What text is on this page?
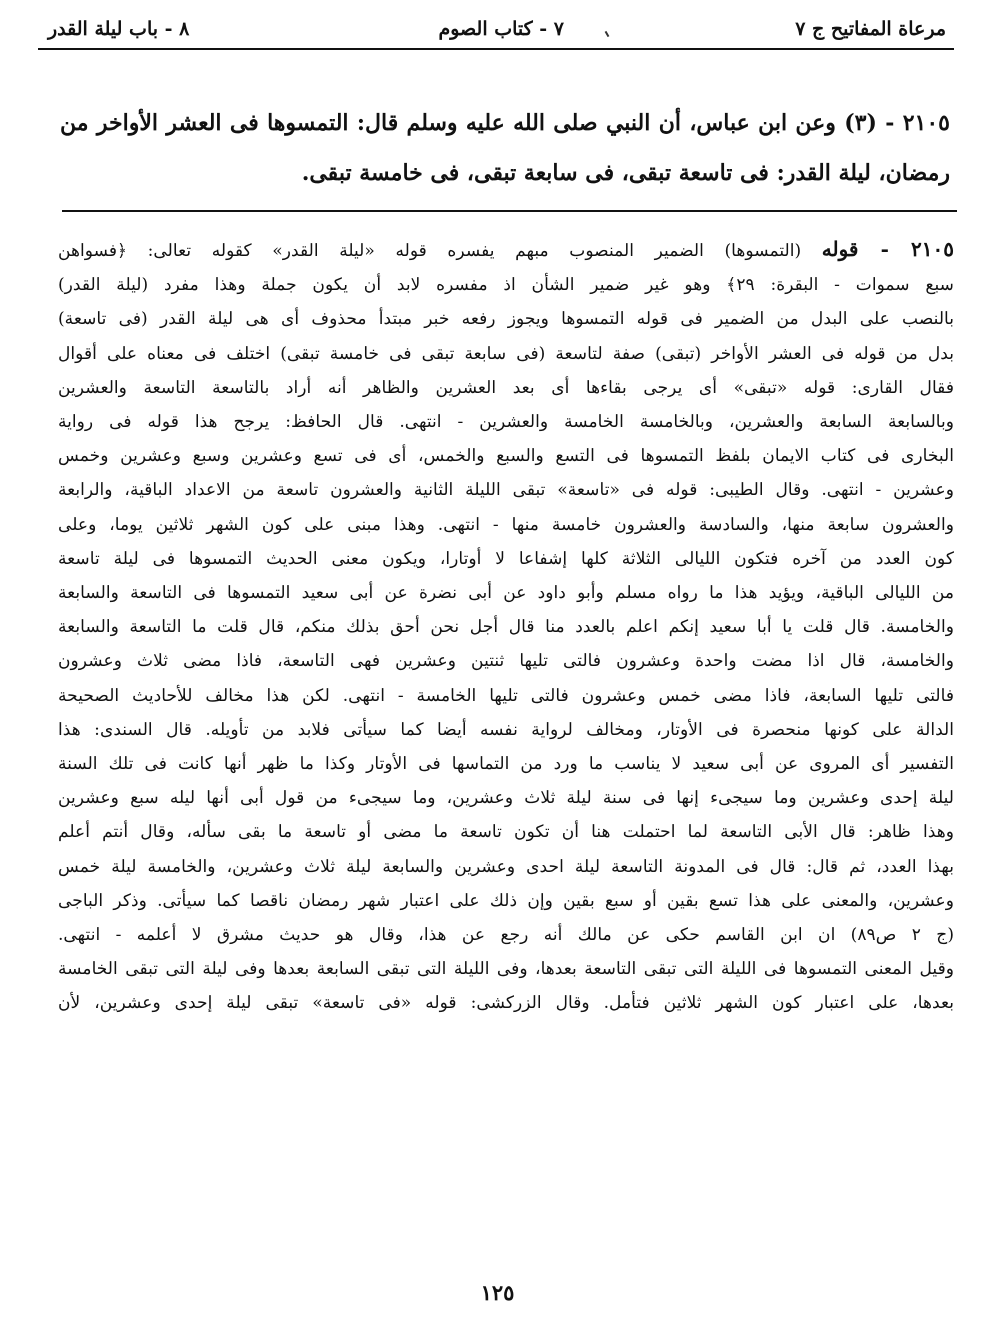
مرعاة المفاتيح ج ٧
٧ - كتاب الصوم
٨ - باب ليلة القدر
٢١٠٥ - (٣) وعن ابن عباس، أن النبي صلى الله عليه وسلم قال: التمسوها فى العشر الأواخر من رمضان، ليلة القدر: فى تاسعة تبقى، فى سابعة تبقى، فى خامسة تبقى.
٢١٠٥ - قوله (التمسوها) الضمير المنصوب مبهم يفسره قوله «ليلة القدر» كقوله تعالى: ﴿فسواهن
سبع سموات - البقرة: ٢٩﴾ وهو غير ضمير الشأن اذ مفسره لابد أن يكون جملة وهذا مفرد (ليلة القدر)
بالنصب على البدل من الضمير فى قوله التمسوها ويجوز رفعه خبر مبتدأ محذوف أى هى ليلة القدر (فى تاسعة)
بدل من قوله فى العشر الأواخر (تبقى) صفة لتاسعة (فى سابعة تبقى فى خامسة تبقى) اختلف فى معناه على أقوال
فقال القارى: قوله «تبقى» أى يرجى بقاءها أى بعد العشرين والظاهر أنه أراد بالتاسعة التاسعة والعشرين
وبالسابعة السابعة والعشرين، وبالخامسة الخامسة والعشرين - انتهى. قال الحافظ: يرجح هذا قوله فى رواية
البخارى فى كتاب الايمان بلفظ التمسوها فى التسع والسبع والخمس، أى فى تسع وعشرين وسبع وعشرين وخمس
وعشرين - انتهى. وقال الطيبى: قوله فى «تاسعة» تبقى الليلة الثانية والعشرون تاسعة من الاعداد الباقية، والرابعة
والعشرون سابعة منها، والسادسة والعشرون خامسة منها - انتهى. وهذا مبنى على كون الشهر ثلاثين يوما، وعلى
كون العدد من آخره فتكون الليالى الثلاثة كلها إشفاعا لا أوتارا، ويكون معنى الحديث التمسوها فى ليلة تاسعة
من الليالى الباقية، ويؤيد هذا ما رواه مسلم وأبو داود عن أبى نضرة عن أبى سعيد التمسوها فى التاسعة والسابعة
والخامسة. قال قلت يا أبا سعيد إنكم اعلم بالعدد منا قال أجل نحن أحق بذلك منكم، قال قلت ما التاسعة والسابعة
والخامسة، قال اذا مضت واحدة وعشرون فالتى تليها ثنتين وعشرين فهى التاسعة، فاذا مضى ثلاث وعشرون
فالتى تليها السابعة، فاذا مضى خمس وعشرون فالتى تليها الخامسة - انتهى. لكن هذا مخالف للأحاديث الصحيحة
الدالة على كونها منحصرة فى الأوتار، ومخالف لرواية نفسه أيضا كما سيأتى فلابد من تأويله. قال السندى: هذا
التفسير أى المروى عن أبى سعيد لا يناسب ما ورد من التماسها فى الأوتار وكذا ما ظهر أنها كانت فى تلك السنة
ليلة إحدى وعشرين وما سيجىء إنها فى سنة ليلة ثلاث وعشرين، وما سيجىء من قول أبى أنها ليله سبع وعشرين
وهذا ظاهر: قال الأبى التاسعة لما احتملت هنا أن تكون تاسعة ما مضى أو تاسعة ما بقى سأله، وقال أنتم أعلم
بهذا العدد، ثم قال: قال فى المدونة التاسعة ليلة احدى وعشرين والسابعة ليلة ثلاث وعشرين، والخامسة ليلة خمس
وعشرين، والمعنى على هذا تسع بقين أو سبع بقين وإن ذلك على اعتبار شهر رمضان ناقصا كما سيأتى. وذكر الباجى
(ج ٢ ص٨٩) ان ابن القاسم حكى عن مالك أنه رجع عن هذا، وقال هو حديث مشرق لا أعلمه - انتهى.
وقيل المعنى التمسوها فى الليلة التى تبقى التاسعة بعدها، وفى الليلة التى تبقى السابعة بعدها وفى ليلة التى تبقى الخامسة
بعدها، على اعتبار كون الشهر ثلاثين فتأمل. وقال الزركشى: قوله «فى تاسعة» تبقى ليلة إحدى وعشرين، لأن
١٢٥
